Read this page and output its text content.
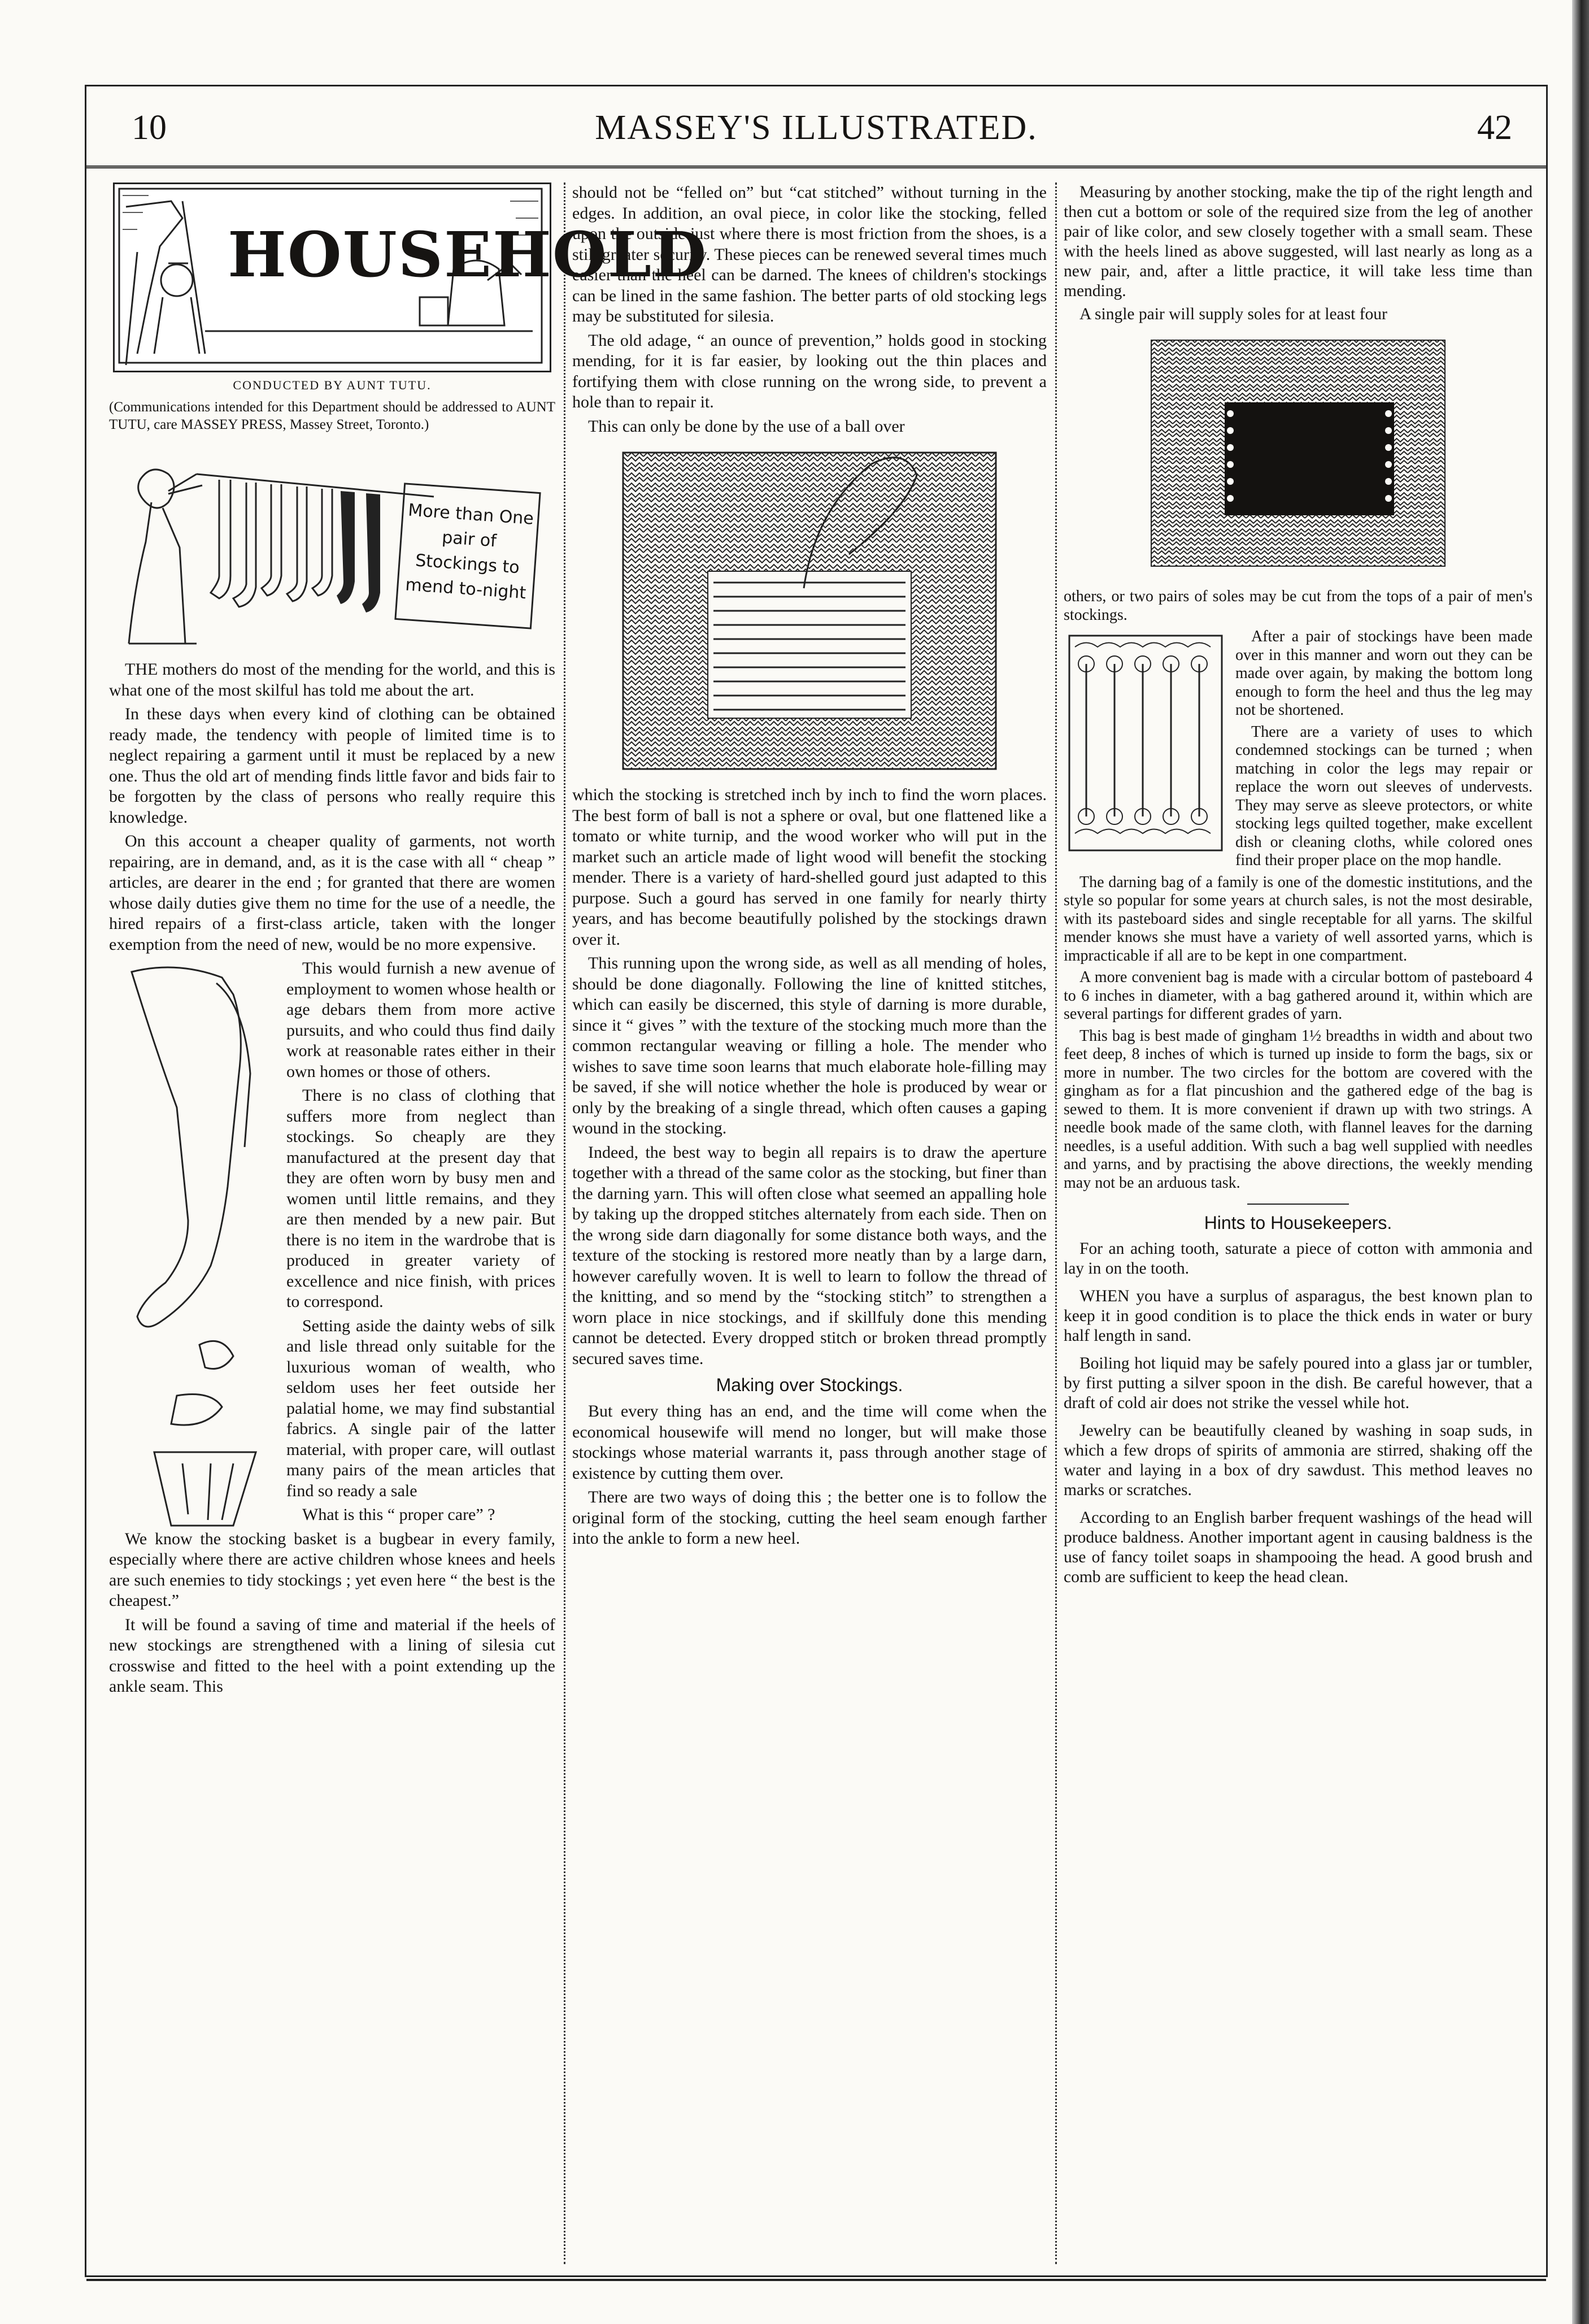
10	MASSEY'S ILLUSTRATED.	42
HOUSEHOLD
CONDUCTED BY AUNT TUTU.
(Communications intended for this Department should be addressed to AUNT TUTU, care MASSEY PRESS, Massey Street, Toronto.)
More than One pair of Stockings to mend to-night

THE mothers do most of the mending for the world, and this is what one of the most skilful has told me about the art.

In these days when every kind of clothing can be obtained ready made, the tendency with people of limited time is to neglect repairing a garment until it must be replaced by a new one. Thus the old art of mending finds little favor and bids fair to be forgotten by the class of persons who really require this knowledge.

On this account a cheaper quality of garments, not worth repairing, are in demand, and, as it is the case with all “ cheap ” articles, are dearer in the end ; for granted that there are women whose daily duties give them no time for the use of a needle, the hired repairs of a first-class article, taken with the longer exemption from the need of new, would be no more expensive.

This would furnish a new avenue of employment to women whose health or age debars them from more active pursuits, and who could thus find daily work at reasonable rates either in their own homes or those of others.

There is no class of clothing that suffers more from neglect than stockings. So cheaply are they manufactured at the present day that they are often worn by busy men and women until little remains, and they are then mended by a new pair. But there is no item in the wardrobe that is produced in greater variety of excellence and nice finish, with prices to correspond.

Setting aside the dainty webs of silk and lisle thread only suitable for the luxurious woman of wealth, who seldom uses her feet outside her palatial home, we may find substantial fabrics. A single pair of the latter material, with proper care, will outlast many pairs of the mean articles that find so ready a sale

What is this “ proper care” ?

We know the stocking basket is a bugbear in every family, especially where there are active children whose knees and heels are such enemies to tidy stockings ; yet even here “ the best is the cheapest.”

It will be found a saving of time and material if the heels of new stockings are strengthened with a lining of silesia cut crosswise and fitted to the heel with a point extending up the ankle seam. This

should not be “felled on” but “cat stitched” without turning in the edges. In addition, an oval piece, in color like the stocking, felled upon the outside just where there is most friction from the shoes, is a still greater security. These pieces can be renewed several times much easier than the heel can be darned. The knees of children's stockings can be lined in the same fashion. The better parts of old stocking legs may be substituted for silesia.

The old adage, “ an ounce of prevention,” holds good in stocking mending, for it is far easier, by looking out the thin places and fortifying them with close running on the wrong side, to prevent a hole than to repair it.

This can only be done by the use of a ball over

which the stocking is stretched inch by inch to find the worn places. The best form of ball is not a sphere or oval, but one flattened like a tomato or white turnip, and the wood worker who will put in the market such an article made of light wood will benefit the stocking mender. There is a variety of hard-shelled gourd just adapted to this purpose. Such a gourd has served in one family for nearly thirty years, and has become beautifully polished by the stockings drawn over it.

This running upon the wrong side, as well as all mending of holes, should be done diagonally. Following the line of knitted stitches, which can easily be discerned, this style of darning is more durable, since it “ gives ” with the texture of the stocking much more than the common rectangular weaving or filling a hole. The mender who wishes to save time soon learns that much elaborate hole-filling may be saved, if she will notice whether the hole is produced by wear or only by the breaking of a single thread, which often causes a gaping wound in the stocking.

Indeed, the best way to begin all repairs is to draw the aperture together with a thread of the same color as the stocking, but finer than the darning yarn. This will often close what seemed an appalling hole by taking up the dropped stitches alternately from each side. Then on the wrong side darn diagonally for some distance both ways, and the texture of the stocking is restored more neatly than by a large darn, however carefully woven. It is well to learn to follow the thread of the knitting, and so mend by the “stocking stitch” to strengthen a worn place in nice stockings, and if skillfuly done this mending cannot be detected. Every dropped stitch or broken thread promptly secured saves time.

Making over Stockings.

But every thing has an end, and the time will come when the economical housewife will mend no longer, but will make those stockings whose material warrants it, pass through another stage of existence by cutting them over.

There are two ways of doing this ; the better one is to follow the original form of the stocking, cutting the heel seam enough farther into the ankle to form a new heel.

Measuring by another stocking, make the tip of the right length and then cut a bottom or sole of the required size from the leg of another pair of like color, and sew closely together with a small seam. These with the heels lined as above suggested, will last nearly as long as a new pair, and, after a little practice, it will take less time than mending.

A single pair will supply soles for at least four

others, or two pairs of soles may be cut from the tops of a pair of men's stockings.

After a pair of stockings have been made over in this manner and worn out they can be made over again, by making the bottom long enough to form the heel and thus the leg may not be shortened.

There are a variety of uses to which condemned stockings can be turned ; when matching in color the legs may repair or replace the worn out sleeves of undervests. They may serve as sleeve protectors, or white stocking legs quilted together, make excellent dish or cleaning cloths, while colored ones find their proper place on the mop handle.

The darning bag of a family is one of the domestic institutions, and the style so popular for some years at church sales, is not the most desirable, with its pasteboard sides and single receptable for all yarns. The skilful mender knows she must have a variety of well assorted yarns, which is impracticable if all are to be kept in one compartment.

A more convenient bag is made with a circular bottom of pasteboard 4 to 6 inches in diameter, with a bag gathered around it, within which are several partings for different grades of yarn.

This bag is best made of gingham 1½ breadths in width and about two feet deep, 8 inches of which is turned up inside to form the bags, six or more in number. The two circles for the bottom are covered with the gingham as for a flat pincushion and the gathered edge of the bag is sewed to them. It is more convenient if drawn up with two strings. A needle book made of the same cloth, with flannel leaves for the darning needles, is a useful addition. With such a bag well supplied with needles and yarns, and by practising the above directions, the weekly mending may not be an arduous task.

Hints to Housekeepers.

For an aching tooth, saturate a piece of cotton with ammonia and lay in on the tooth.

WHEN you have a surplus of asparagus, the best known plan to keep it in good condition is to place the thick ends in water or bury half length in sand.

Boiling hot liquid may be safely poured into a glass jar or tumbler, by first putting a silver spoon in the dish. Be careful however, that a draft of cold air does not strike the vessel while hot.

Jewelry can be beautifully cleaned by washing in soap suds, in which a few drops of spirits of ammonia are stirred, shaking off the water and laying in a box of dry sawdust. This method leaves no marks or scratches.

According to an English barber frequent washings of the head will produce baldness. Another important agent in causing baldness is the use of fancy toilet soaps in shampooing the head. A good brush and comb are sufficient to keep the head clean.
